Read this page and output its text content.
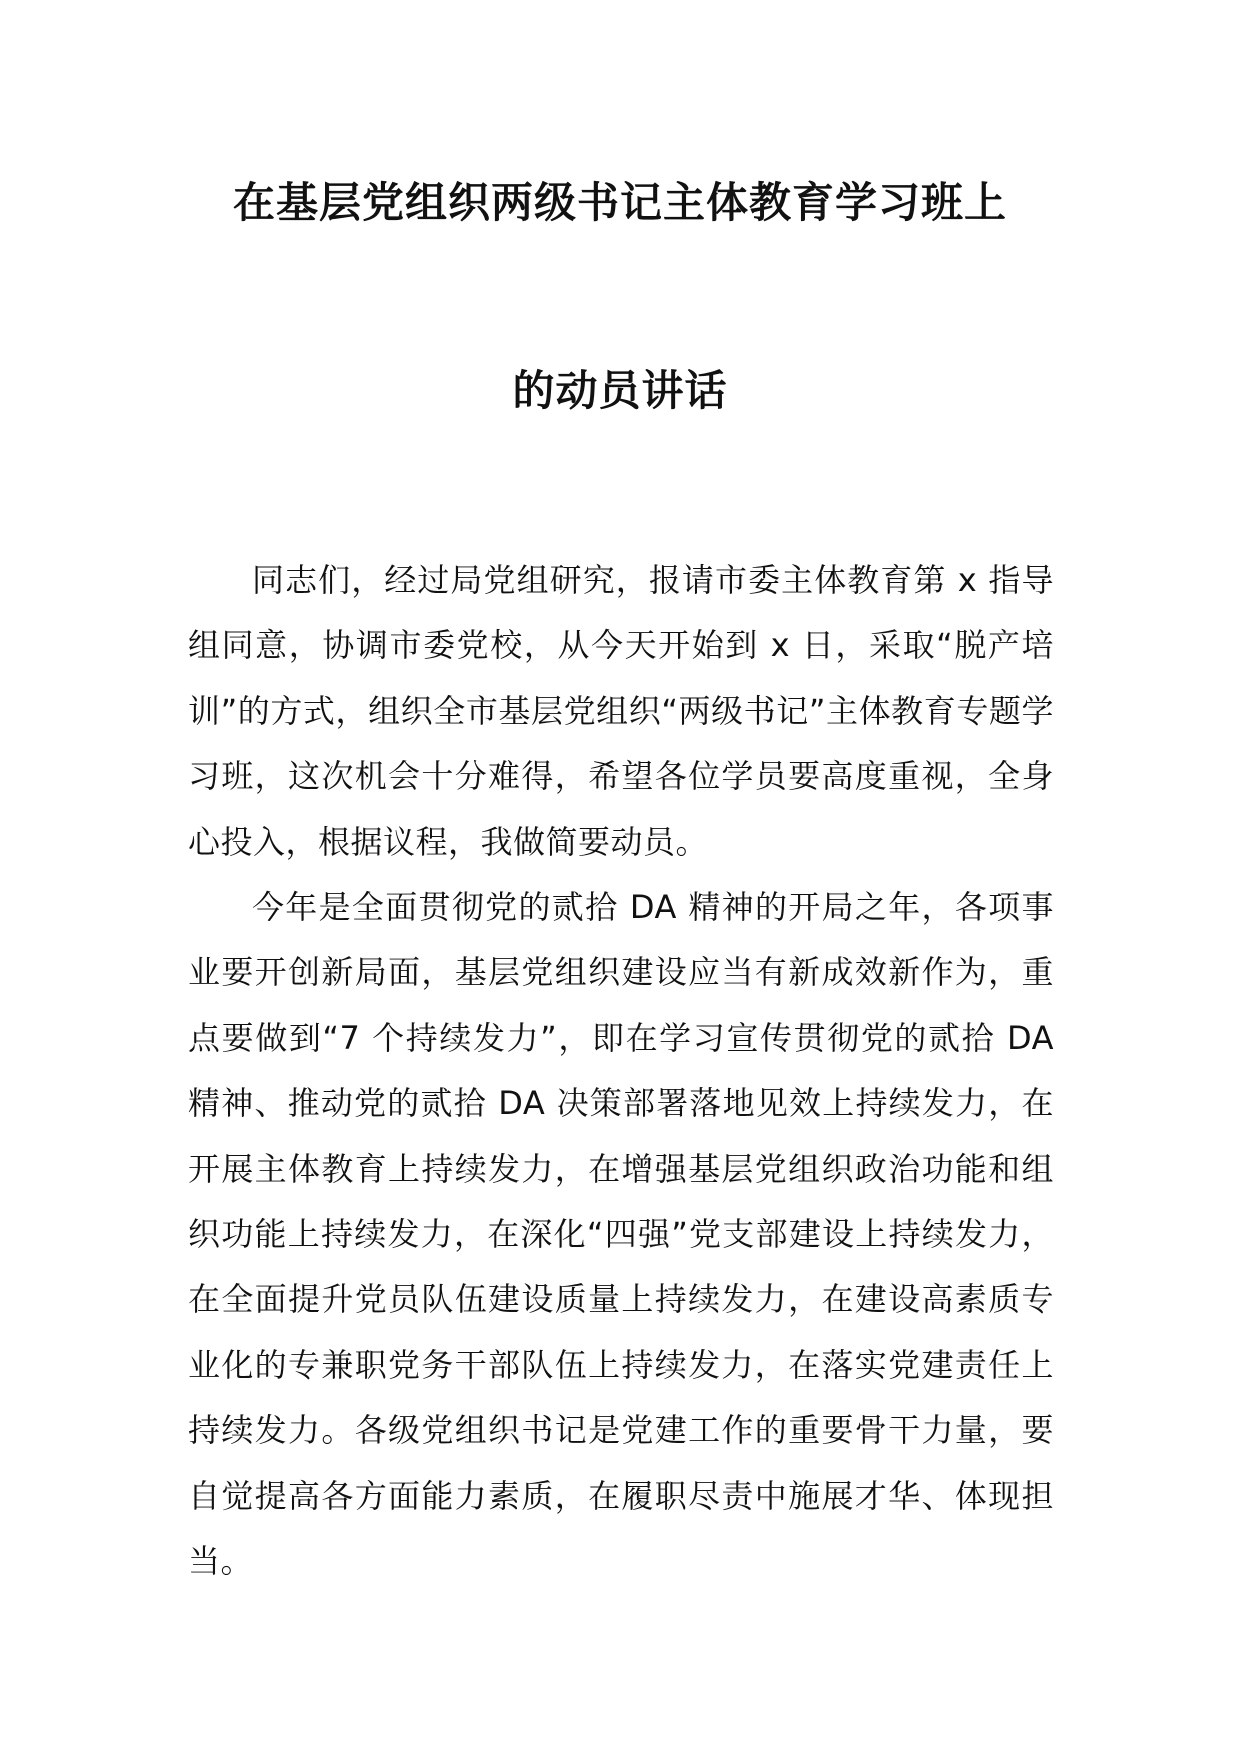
在基层党组织两级书记主体教育学习班上
的动员讲话

同志们，经过局党组研究，报请市委主体教育第 x 指导组同意，协调市委党校，从今天开始到 x 日，采取“脱产培训”的方式，组织全市基层党组织“两级书记”主体教育专题学习班，这次机会十分难得，希望各位学员要高度重视，全身心投入，根据议程，我做简要动员。

今年是全面贯彻党的贰拾 DA 精神的开局之年，各项事业要开创新局面，基层党组织建设应当有新成效新作为，重点要做到“7 个持续发力”，即在学习宣传贯彻党的贰拾 DA 精神、推动党的贰拾 DA 决策部署落地见效上持续发力，在开展主体教育上持续发力，在增强基层党组织政治功能和组织功能上持续发力，在深化“四强”党支部建设上持续发力，在全面提升党员队伍建设质量上持续发力，在建设高素质专业化的专兼职党务干部队伍上持续发力，在落实党建责任上持续发力。各级党组织书记是党建工作的重要骨干力量，要自觉提高各方面能力素质，在履职尽责中施展才华、体现担当。
